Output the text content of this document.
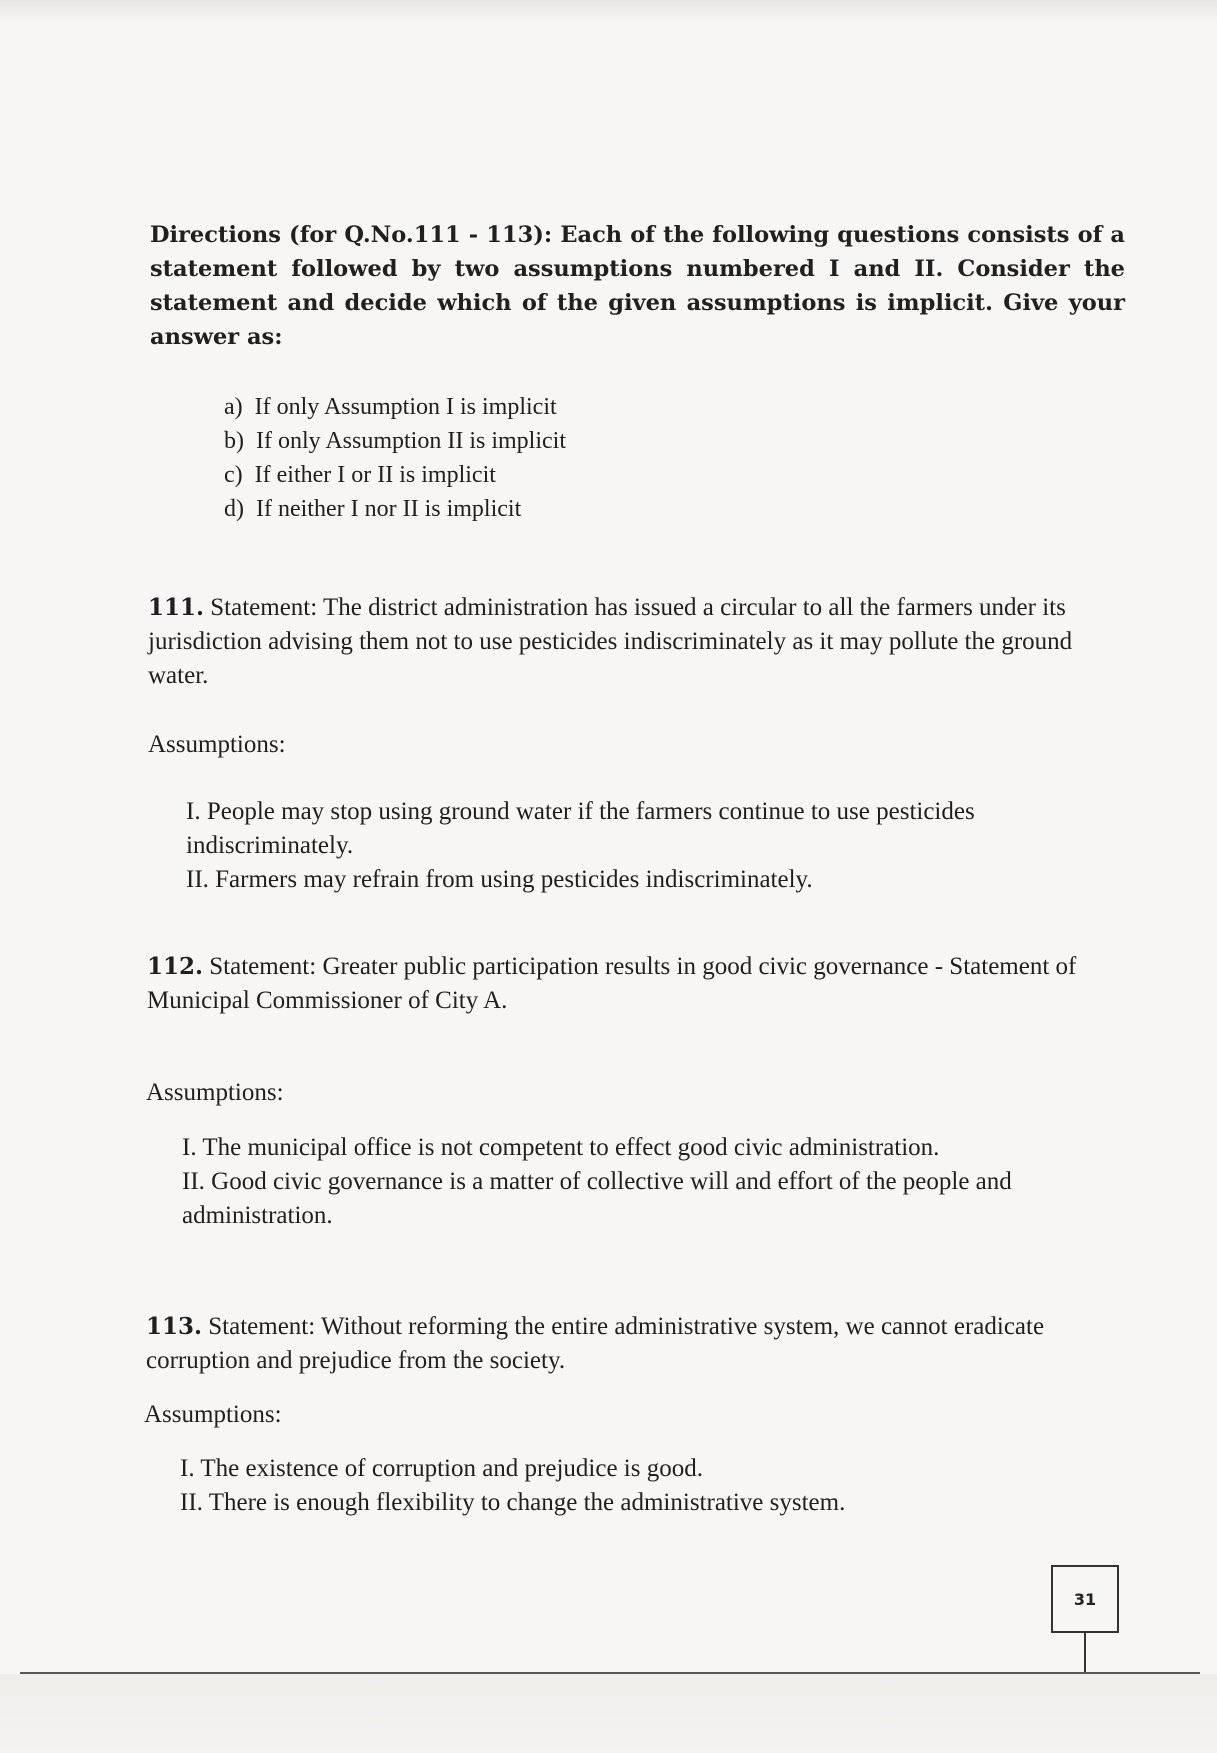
Directions (for Q.No.111 - 113): Each of the following questions consists of a statement followed by two assumptions numbered I and II. Consider the statement and decide which of the given assumptions is implicit. Give your answer as:
a)  If only Assumption I is implicit
b)  If only Assumption II is implicit
c)  If either I or II is implicit
d)  If neither I nor II is implicit
111. Statement: The district administration has issued a circular to all the farmers under its jurisdiction advising them not to use pesticides indiscriminately as it may pollute the ground water.
Assumptions:
I. People may stop using ground water if the farmers continue to use pesticides indiscriminately.
II. Farmers may refrain from using pesticides indiscriminately.
112. Statement: Greater public participation results in good civic governance - Statement of Municipal Commissioner of City A.
Assumptions:
I. The municipal office is not competent to effect good civic administration.
II. Good civic governance is a matter of collective will and effort of the people and administration.
113. Statement: Without reforming the entire administrative system, we cannot eradicate corruption and prejudice from the society.
Assumptions:
I. The existence of corruption and prejudice is good.
II. There is enough flexibility to change the administrative system.
31
